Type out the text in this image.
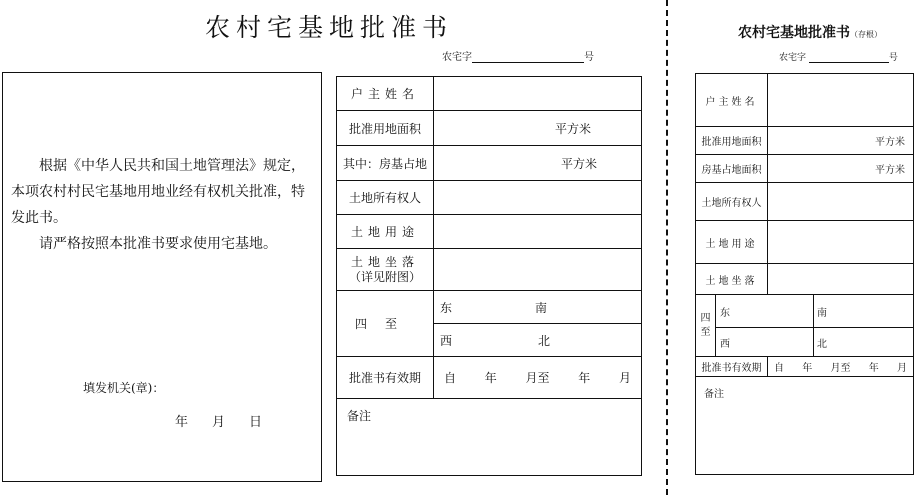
农村宅基地批准书
农宅字	号

根据《中华人民共和国土地管理法》规定，本项农村村民宅基地用地业经有权机关批准，特发此书。

请严格按照本批准书要求使用宅基地。

填发机关(章)：
年 月 日
户主姓名	
批准用地面积	平方米
其中：房基占地	平方米
土地所有权人	
土地用途	

土地坐落
（详见附图）	

四至	东 南

	西 北

批准书有效期	自 年 月至 年 月

备注	
农村宅基地批准书（存根）
农宅字	号
户主姓名		
批准用地面积		平方米
房基占地面积		平方米
土地所有权人		
土地用途		
土地坐落		
四至	东 南	

	西 北	

批准书有效期		自 年 月至 年 月

备注		
